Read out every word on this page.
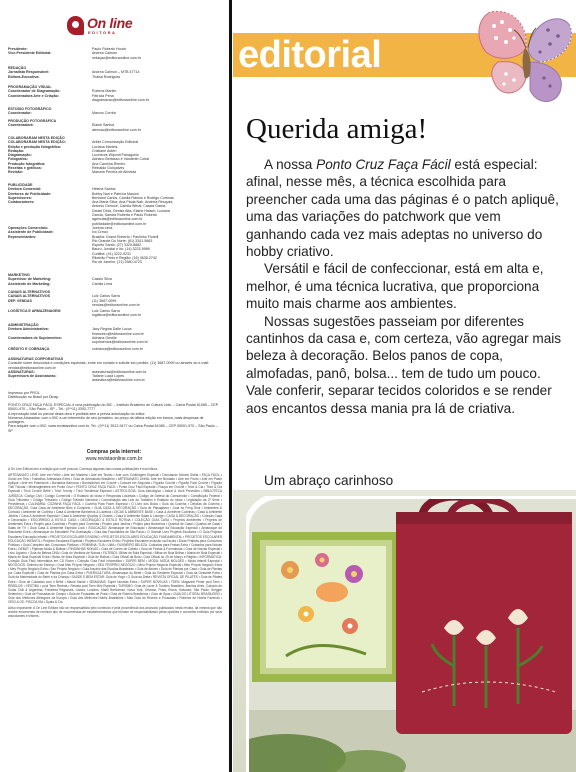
On line
EDITORA
Presidente:	Paulo Roberto Houch
Vice-Presidente Editorial:	Andrea Calmon
redaçao@editoraonline.com.br
REDAÇÃO
Jornalista Responsável:	Andrea Calmon – MTB 47714
Editora-Executiva:	Thaisa Rodrigues
PROGRAMAÇÃO VISUAL
Coordenador de Diagramação:	Rubens Martim
Coordenadora Arte e Criação:	Patrícia Pena
diagramacao@editoraonline.com.br
ESTÚDIO FOTOGRÁFICO
Coordenador:	Marcos Corrêa
PRODUÇÃO FOTOGRÁFICA
Coordenadora:	Elaine Santos
atencao@editoraonline.com.br
COLABORARAM NESTA EDIÇÃO
COLABORARAM NESTA EDIÇÃO:	Arlide Comunicação Editorial
Edição e produção fotográfica:	Luciana Martins
Redação:	Cristiane Aoteri
Diagramação:	Lucineurs Wiponti Panaguelo
Fotógrafos:	Adriano Bertasso e Vanderlei Cotral
Produção fotográfica:	Ana Carolina Remiro
Receitas e gráficos:	Reinaldo Gonçalves
Revisão:	Marcela Pereira de Almeida
PUBLICIDADE
Diretora Comercial:	Helena Santos
Diretores de Publicidade:	Bobby Nari e Patrícia Mauiori
Supervisores:	Bertrand Carlos, Camila Ramos e Rodrigo Cortinas
Colaboradores:	Ana Maria Silva, Ana Paula Nah, Andreia Resquini,
Antonio Gerluce, Camila Weral, Cassia Gama,
Daniel Diniz, Denise Alta, Elaine Haisch, Luciana
Garcia, Sandra Roberta e Paulo Roberto
agencias@editoraonline.com.br
publicidade@editoraonline.com.br
Operações Comerciais:	Joelma Lima
Assistente de Publicidade:	Ivo Crecci
Representantes:	Brasília: Grand Roberto / Paulinho Fiorelli
Rio Grande Do Norte: (61) 3341-5663
Espírito Santo: (27) 3325-8882
Bauru, Jundiaí e Itu: (14) 3223-9989
Curitiba: (41) 3222-9231
Ribeirão Preto e Região: (16) 3635-2742
Rio de Janeiro: (21) 2580-4723
MARKETING
Supervisor de Marketing:	Cassio Silva
Assistente de Marketing:	Camila Lima
CANAIS ALTERNATIVOS
CANAIS ALTERNATIVOS	Luiz Carlos Sarra
DEP. VENDAS	(11) 3687-0099
vendas@editoraonline.com.br
LOGÍSTICA E ARMAZENAGEM	Luiz Carlos Sarra
logistica@editoraonline.com.br
ADMINISTRAÇÃO
Diretora Administrativa:	Jacy Regina Dalle Lucca
financeiro@editoraonline.com.br
Coordenadora de Suprimentos:	Adriana Gentile
suprimentos@editoraonline.com.br
CRÉDITO E COBRANÇA	cobranca@editoraonline.com.br
ASSINATURAS CORPORATIVAS
Consulte sobre descontos e condições especiais, entre em contato e solicite seu pedido. (11) 3687-0099 ou através do e-mail: vendas@editoraonline.com.br
ASSINATURAS:	assinaturas@editoraonline.com.br
Supervisora de Assinaturas:	Tatiane Luiza Lopes
assinatura@editoraonline.com.br
Impresso por PROL
Distribuição no Brasil por Dinap
PONTO CRUZ FAÇA FÁCIL ESPECIAL é uma publicação do IBC – Instituto Brasileiro de Cultura Ltda. – Caixa Postal 61085 – CEP 05001-970 – São Paulo – SP – Tel.: (0**11) 3393-7777
A reprodução total ou parcial desta obra é proibida sem a prévia autorização do editor.
Números Atrasados: com o IBC a um intermédio de seu jornaleiro, ao preço da última edição em banca, mais despesas de postagem.
Para adquirir com o IBC: www.revistaonline.com.br. Tel.: (0**11) 3512-9477 ou Caixa Postal 61085 – CEP 05001-970 – São Paulo – SP
Compras pela internet:
www.revistaonline.com.br

A On Line Editora tem a relação que você procura. Conheça algumas das nossas publicações e boa leitura.

ARTESANATO LEVE: Arte em Feltro • Arte em Madeira • Arte em Tecido • Arte com Cortinagem Especial • Decorando Móveis Sicilia • FAÇA FÁCIL • Gosto em Tela • Trabalhos Artesanais Extra • Guia de Artesanato Brasileiro • ARTESANATO LINHA: Arte em Bordado • Arte em Ponto • Arte em Patch Apliqué • Arte em Patchwork • Bordados Barrocos • Bordadinhos em Crochê • Colorart em Segunda • Figurão Crochê • Figurão Fácil Crochê • Figurão Tridi Tricotar • Minimagiteletes em Ponto Cruz • PONTO CRUZ FAÇA FÁCIL • Ponto Cruz Fácil Especial • Roupa em Crochê • Tricô & Cia • Tricô & Cia Especial • Tricô Crochê Bebê • Tricô Trendy • Tricô Tendência Especial • ASTROLOGIA: Guia Astrológico • Astral & Você Previsões • BIBLIOTECA JURÍDICA: Código Civil • Código Comercial • O Estatuto do Idoso e Respostas Locativas • Código de Defesa do Consumidor • Constituição Federal • Guia Tributário • Código Tributário • Código Trânsito Nacional • Consolidação das Leis do Trabalho e Estatuto do Idoso • Legislação da 2ª Série • Previdência • CULINÁRIA: COZINHA FAÇA FÁCIL • Cozinha Para Fazer Especial • O Livro dos Bolos • Guia da Cozinha • Delícias da Cozinha • DECORAÇÃO: Guia Casa de Ambiente Belo e Completo • GUIA CASA & DECORAÇÃO • Guia de Paisagismo • Guia do Feng Shui • Ambientes & Cômoda • Ambiente de Cozinha • Casa & Ambiente Banheiros & Lavabos • DICAS & AMBIENTE BASE • Casa & Ambiente Cozinhas • Casa & Ambiente Jardins • Casa & Ambiente Especial • Casa & Ambiente Quartos & Closets • Casa & Ambiente Salas & Lounge • CASA & DECORAÇÃO • Coleção Casa e Decoração • ESCORRIDO & ESTILO CASA • DECORAÇÃO & ESTILO ROTINA • COLEÇÃO GUIA CASA • Projetos Ambientes • Projetos de Ambientes Extra • Projeto para Cozinhas • Projeto para Cozinhas • Projeto para Jardins • Projeto para Banheiros • Quartos de Casal • Quartos de Casal • Salas de TV • Guia Casa & Ambiente Especial Look • EDUCAÇÃO: Almanaque de Educação • Almanaque da Educação Especial • Almanaque do Estudante Extra • Almanaque do Estudante Pré-Graduação • Guia das Faculdades de São Paulo • O Grande Livro Projetos Escolares • O Guia Projetos Escolares Educação Infantil • PROJETOS ESCOLARES ENSINO • PROJETOS ESCOLARES EDUCAÇÃO FUNDAMENTAL • PROJETOS ESCOLARES EDUCAÇÃO INFANTIL • Projetos Escolares Especial • Projetos Escolares Extra • Projetos Escolares Inclusão na Escola • Dicas Práticas para Concursos Públicos • Guia Completo dos Concursos Públicos • FEMININA: TUA • UMA • FAXINEIRO BELEZA: Cuidados para Festas Extra • Cuidados para Noivas Extra • DEBUT • Pijamas Moda & Bolhas • PINGINHAS NOIVAS • Guia de Cortes de Cabelo • Guia de Festas & Formaturas • Guia de Noivas Especial • Livro Ligueiro • Guia da Beleza DNA • Guia do Vestidos de Noivas • FUTEBOL: Bilhar de Bola Especial • Bilhar de Bola Brilhar • Mania de Bola Especial • Mania de Bola Especial Extra • Bolso de Bola Especial • Guia de Bolhas • Guia Oficial da Bola • Guia Oficial do 25 de Março e Região • INFORMÁTICA: Coleção Guia Fácil Informática em CD Room • Coleção Guia Fácil Informática • SUPER BEM • MODA: MODA MOLDES • Moda Infantil Especial • NEGÓCIOS: Dinheiro de Esforço • Guia Meu Próprio Negócio • SEU PRÓPRIO NEGÓCIO • Meu Próprio Negócio Especial • Meu Próprio Negócio Extra • Meu Próprio Negócio Extra • Seu Próprio Negócio • Guia Anuário das Escolas Brasileiras • Guia de Atrizes • Guia de Plantas por Casa • Guia de Plantas por Casa Especial • Guia de Plantas por Casa Extra • PUERICULTURA: Almanaque do Bebê • Guia da Gestante Especial • Guia da Gestante Extra • Guia da Maternidade do Bebê e da Criança • SAÚDE E BEM ESTAR: Guia de Yoga • O Guia da Dieta • REVISTA OFICIAL DE PILATES • Guia de Pilates Extra • Guia de Cuidados com o Bebê • Mania Saúde • SEMANAIS: Super Novelas Extra • SUPER NOVELAS • TEEN: Magazine Pinter pool Teen • REBELDE • VESTIBU • pool Teen Revista • Revista pool Teen Mini Especial • TURISMO: Guia de Lazer & Turismo Brasileiro, Bonitos Aires, Caboclo de Goiás Chili & Argentina, Fortaleza Regionais, Lisboa, Londres, Marilí Berlinense, Nova York, Orlando, Praia, Roma, Salvador, São Paulo, Sergipe Setembro • Guia de Pousadas de Campo • Guia de Pousadas de Praia • Guia de Roteiro Brasileiros • Guia de Spas • GUIA DO LITORAL BRASILEIRO • Guia dos Melhores Albergues da Europa • Guia dos Melhores Hotéis Brasileiros • Mas Guia do Recreio e Pousadas • Roteiros de Hotéis Fazendo • VEÍCULOS: PISCOA ISA • Dyala & Cia

Aviso importante: A On Line Editora não se responsabiliza pelo conteúdo e pela procedência dos anúncios publicados nesta revista, da mesma que não recebe encomenda de nenhum tipo de encomendas de estabelecimentos que tenham se responsabilizado pelas opiniões e conceitos emitidos por seus anunciantes e leitores.

editorial
Querida amiga!

A nossa Ponto Cruz Faça Fácil está especial: afinal, nesse mês, a técnica escolhida para preencher cada uma das páginas é o patch apliquê, uma das variações do patchwork que vem ganhando cada vez mais adeptas no universo do hobby criativo.

Versátil e fácil de confeccionar, está em alta e, melhor, é uma técnica lucrativa, que proporciona muito mais charme aos ambientes.

Nossas sugestões passeiam por diferentes cantinhos da casa e, com certeza, vão agregar mais beleza à decoração. Belos panos de copa, almofadas, panô, bolsa... tem de tudo um pouco. Vale conferir, separar tecidos coloridos e se render aos encantos dessa mania pra lá de criativa.

Um abraço carinhoso
